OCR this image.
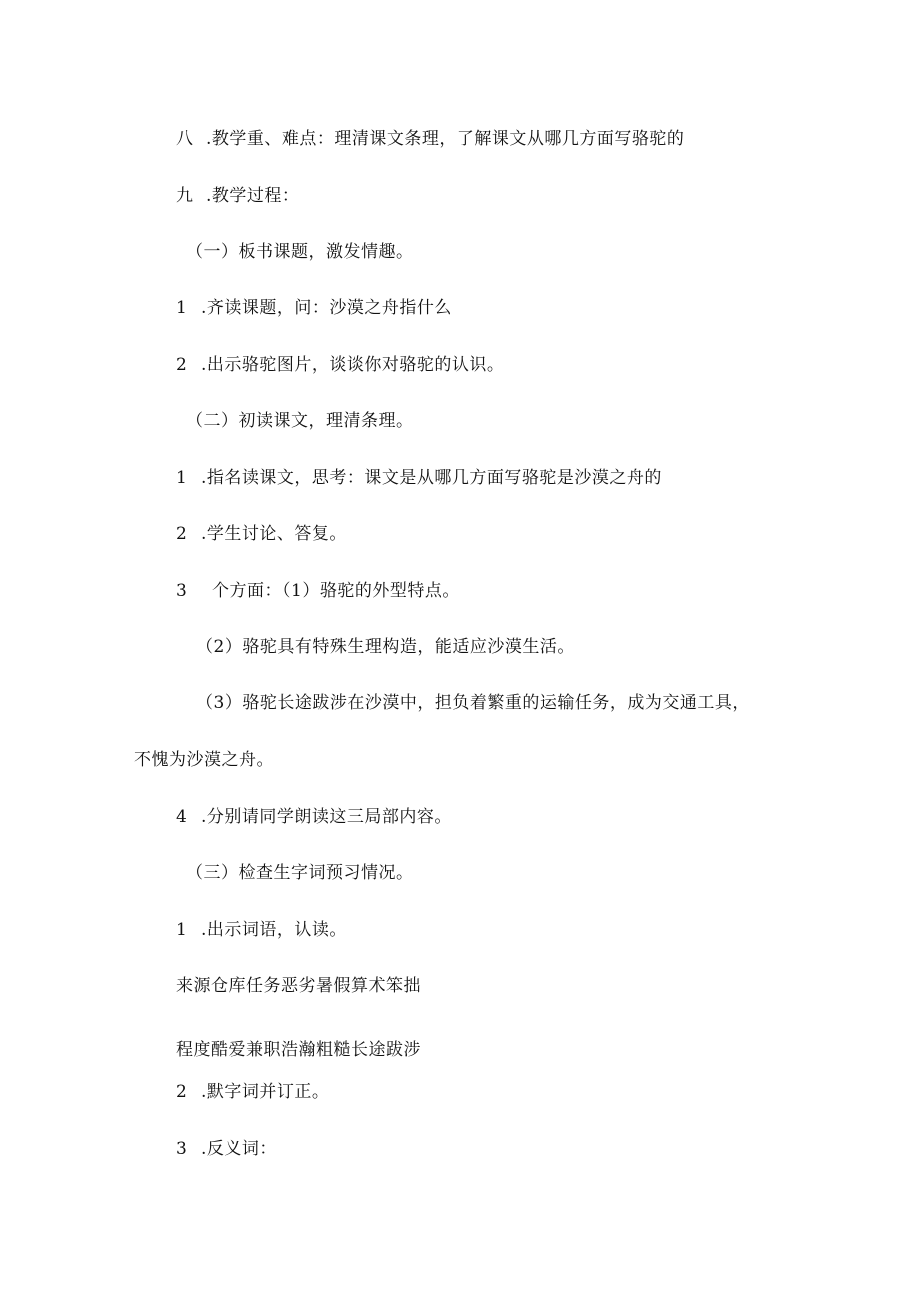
八 .教学重、难点：理清课文条理，了解课文从哪几方面写骆驼的
九 .教学过程：
（一）板书课题，激发情趣。
1 .齐读课题，问：沙漠之舟指什么
2 .出示骆驼图片，谈谈你对骆驼的认识。
（二）初读课文，理清条理。
1 .指名读课文，思考：课文是从哪几方面写骆驼是沙漠之舟的
2 .学生讨论、答复。
3 个方面：（1）骆驼的外型特点。
（2）骆驼具有特殊生理构造，能适应沙漠生活。
（3）骆驼长途跋涉在沙漠中，担负着繁重的运输任务，成为交通工具，
不愧为沙漠之舟。
4 .分别请同学朗读这三局部内容。
（三）检查生字词预习情况。
1 .出示词语，认读。
来源仓库任务恶劣暑假算术笨拙
程度酷爱兼职浩瀚粗糙长途跋涉
2 .默字词并订正。
3 .反义词：
